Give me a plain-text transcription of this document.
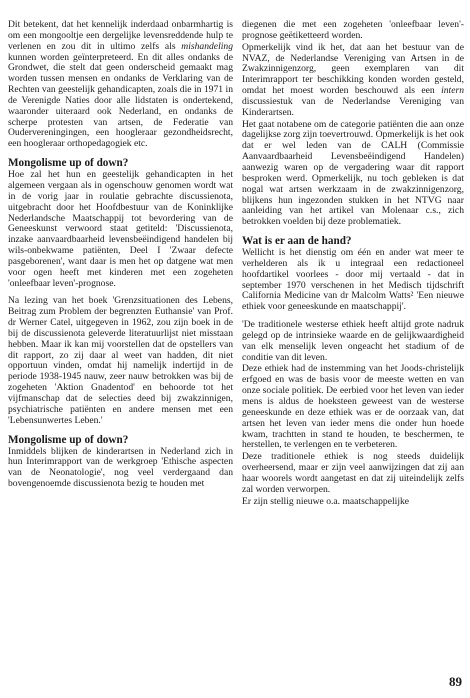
Dit betekent, dat het kennelijk inderdaad onbarmhartig is om een mongooltje een dergelijke levensreddende hulp te verlenen en zou dit in ultimo zelfs als mishandeling kunnen worden geïnterpreteerd. En dit alles ondanks de Grondwet, die stelt dat geen onderscheid gemaakt mag worden tussen mensen en ondanks de Verklaring van de Rechten van geestelijk gehandicapten, zoals die in 1971 in de Verenigde Naties door alle lidstaten is ondertekend, waaronder uiteraard ook Nederland, en ondanks de scherpe protesten van artsen, de Federatie van Oudervereningingen, een hoogleraar gezondheidsrecht, een hoogleraar orthopedagogiek etc.

Mongolisme up of down?

Hoe zal het hun en geestelijk gehandicapten in het algemeen vergaan als in ogenschouw genomen wordt wat in de vorig jaar in roulatie gebrachte discussienota, uitgebracht door het Hoofdbestuur van de Koninklijke Nederlandsche Maatschappij tot bevordering van de Geneeskunst verwoord staat getiteld: 'Discussienota, inzake aanvaardbaarheid levensbeëindigend handelen bij wils-onbekwame patiënten, Deel I 'Zwaar defecte pasgeborenen', want daar is men het op datgene wat men voor ogen heeft met kinderen met een zogeheten 'onleefbaar leven'-prognose.

Na lezing van het boek 'Grenzsituationen des Lebens, Beitrag zum Problem der begrenzten Euthansie' van Prof. dr Werner Catel, uitgegeven in 1962, zou zijn boek in de bij de discussienota geleverde literatuurlijst niet misstaan hebben. Maar ik kan mij voorstellen dat de opstellers van dit rapport, zo zij daar al weet van hadden, dit niet opportuun vinden, omdat hij namelijk indertijd in de periode 1938-1945 nauw, zeer nauw betrokken was bij de zogeheten 'Aktion Gnadentod' en behoorde tot het vijfmanschap dat de selecties deed bij zwakzinnigen, psychiatrische patiënten en andere mensen met een 'Lebensunwertes Leben.'

Mongolisme up of down?

Inmiddels blijken de kinderartsen in Nederland zich in hun Interimrapport van de werkgroep 'Ethische aspecten van de Neonatologie', nog veel verdergaand dan bovengenoemde discussienota bezig te houden met

diegenen die met een zogeheten 'onleefbaar leven'-prognose geëtiketteerd worden.

Opmerkelijk vind ik het, dat aan het bestuur van de NVAZ, de Nederlandse Vereniging van Artsen in de Zwakzinnigenzorg, geen exemplaren van dit Interimrapport ter beschikking konden worden gesteld, omdat het moest worden beschouwd als een intern discussiestuk van de Nederlandse Vereniging van Kinderartsen.

Het gaat notabene om de categorie patiënten die aan onze dagelijkse zorg zijn toevertrouwd. Opmerkelijk is het ook dat er wel leden van de CALH (Commissie Aanvaardbaarheid Levensbeëindigend Handelen) aanwezig waren op de vergadering waar dit rapport besproken werd. Opmerkelijk, nu toch gebleken is dat nogal wat artsen werkzaam in de zwakzinnigenzorg, blijkens hun ingezonden stukken in het NTVG naar aanleiding van het artikel van Molenaar c.s., zich betrokken voelden bij deze problematiek.

Wat is er aan de hand?

Wellicht is het dienstig om één en ander wat meer te verhelderen als ik u integraal een redactioneel hoofdartikel voorlees - door mij vertaald - dat in september 1970 verschenen in het Medisch tijdschrift California Medicine van dr Malcolm Watts² 'Een nieuwe ethiek voor geneeskunde en maatschappij'.

'De traditionele westerse ethiek heeft altijd grote nadruk gelegd op de intrinsieke waarde en de gelijkwaardigheid van elk menselijk leven ongeacht het stadium of de conditie van dit leven.

Deze ethiek had de instemming van het Joods-christelijk erfgoed en was de basis voor de meeste wetten en van onze sociale politiek. De eerbied voor het leven van ieder mens is aldus de hoeksteen geweest van de westerse geneeskunde en deze ethiek was er de oorzaak van, dat artsen het leven van ieder mens die onder hun hoede kwam, trachtten in stand te houden, te beschermen, te herstellen, te verlengen en te verbeteren.

Deze traditionele ethiek is nog steeds duidelijk overheersend, maar er zijn veel aanwijzingen dat zij aan haar woorels wordt aangetast en dat zij uiteindelijk zelfs zal worden verworpen.

Er zijn stellig nieuwe o.a. maatschappelijke

89
